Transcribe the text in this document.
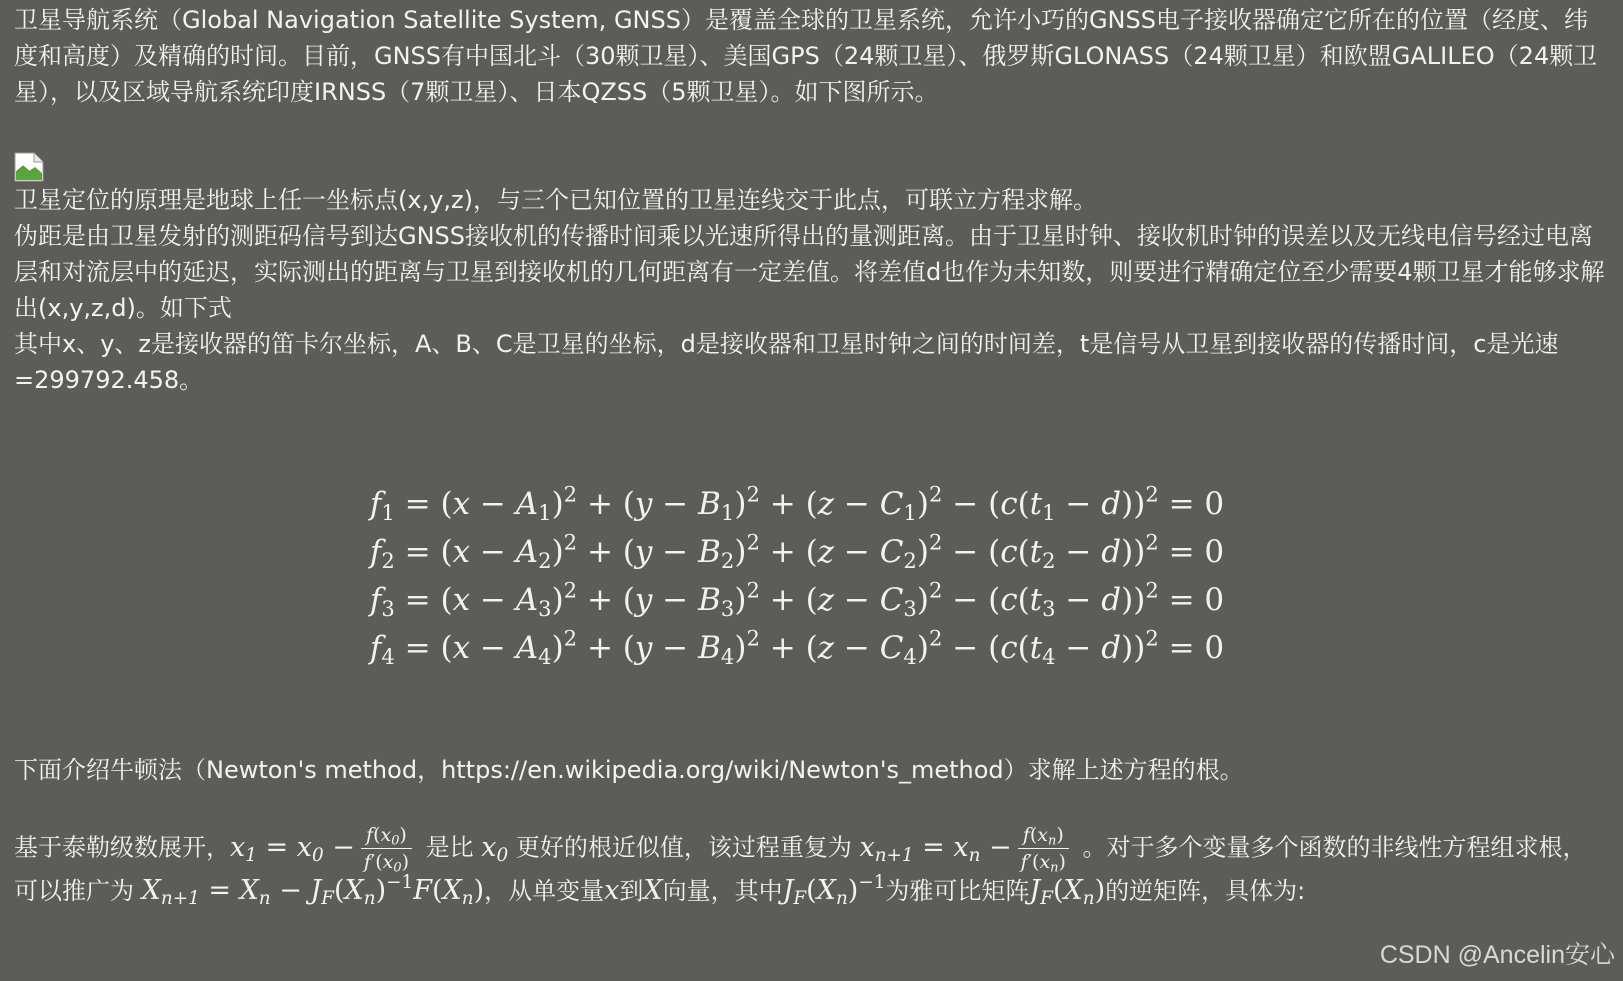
卫星导航系统（Global Navigation Satellite System, GNSS）是覆盖全球的卫星系统，允许小巧的GNSS电子接收器确定它所在的位置（经度、纬度和高度）及精确的时间。目前，GNSS有中国北斗（30颗卫星）、美国GPS（24颗卫星）、俄罗斯GLONASS（24颗卫星）和欧盟GALILEO（24颗卫星），以及区域导航系统印度IRNSS（7颗卫星）、日本QZSS（5颗卫星）。如下图所示。

卫星定位的原理是地球上任一坐标点(x,y,z)，与三个已知位置的卫星连线交于此点，可联立方程求解。

伪距是由卫星发射的测距码信号到达GNSS接收机的传播时间乘以光速所得出的量测距离。由于卫星时钟、接收机时钟的误差以及无线电信号经过电离层和对流层中的延迟，实际测出的距离与卫星到接收机的几何距离有一定差值。将差值d也作为未知数，则要进行精确定位至少需要4颗卫星才能够求解出(x,y,z,d)。如下式

其中x、y、z是接收器的笛卡尔坐标，A、B、C是卫星的坐标，d是接收器和卫星时钟之间的时间差，t是信号从卫星到接收器的传播时间，c是光速=299792.458。

$f_1 = (x - A_1)^2 + (y - B_1)^2 + (z - C_1)^2 - (c(t_1 - d))^2 = 0$
$f_2 = (x - A_2)^2 + (y - B_2)^2 + (z - C_2)^2 - (c(t_2 - d))^2 = 0$
$f_3 = (x - A_3)^2 + (y - B_3)^2 + (z - C_3)^2 - (c(t_3 - d))^2 = 0$
$f_4 = (x - A_4)^2 + (y - B_4)^2 + (z - C_4)^2 - (c(t_4 - d))^2 = 0$

下面介绍牛顿法（Newton's method，https://en.wikipedia.org/wiki/Newton's_method）求解上述方程的根。

基于泰勒级数展开，$x_1 = x_0 - \frac{f(x_0)}{f'(x_0)}$ 是比 $x_0$ 更好的根近似值，该过程重复为 $x_{n+1} = x_n - \frac{f(x_n)}{f'(x_n)}$ 。对于多个变量多个函数的非线性方程组求根，可以推广为 $X_{n+1} = X_n - J_F(X_n)^{-1}F(X_n)$，从单变量x到X向量，其中$J_F(X_n)^{-1}$为雅可比矩阵$J_F(X_n)$的逆矩阵，具体为:

CSDN @Ancelin安心
